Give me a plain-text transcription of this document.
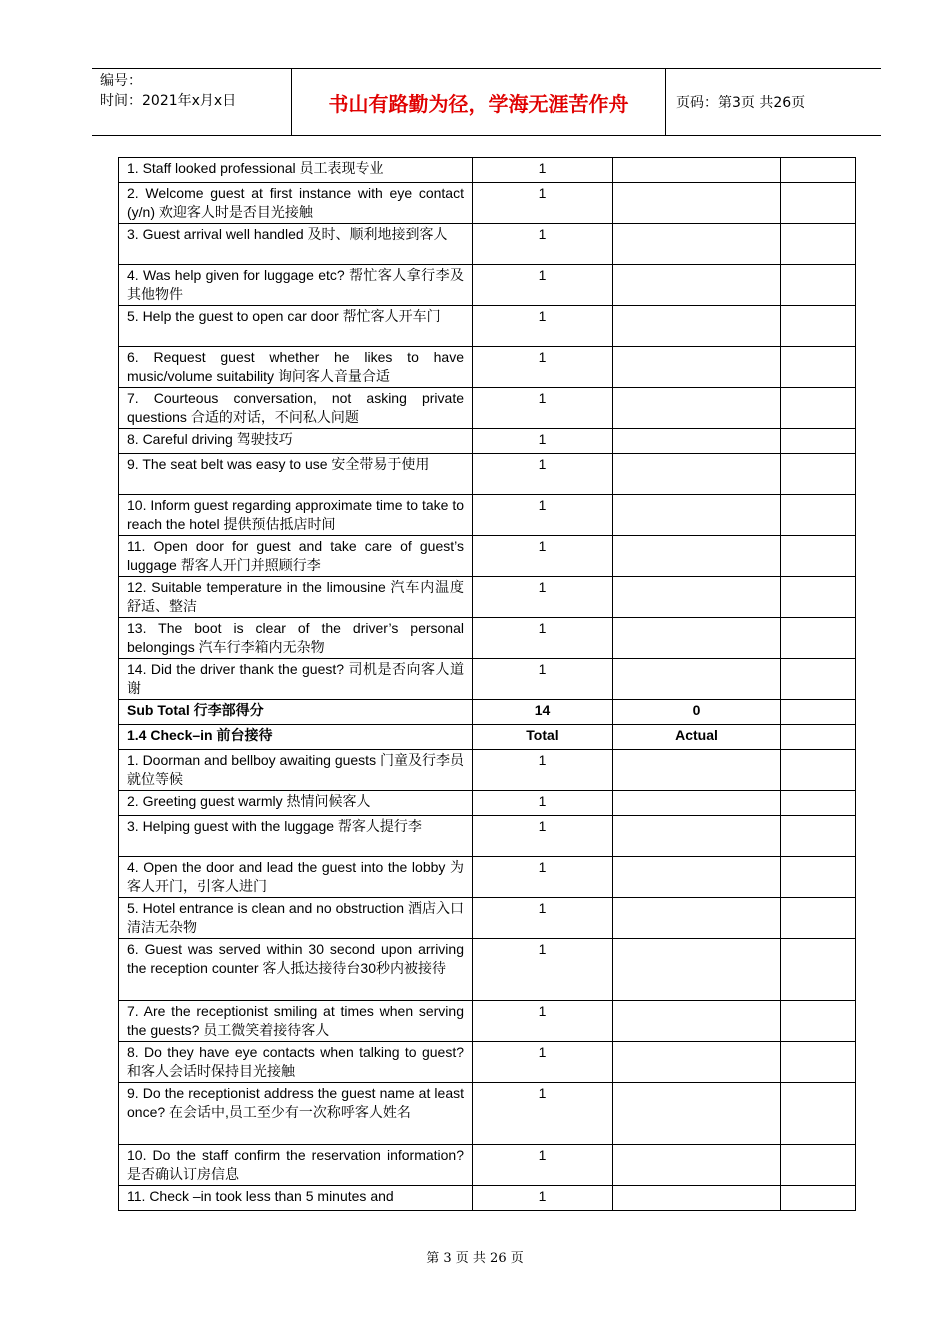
编号：
时间：2021年x月x日	书山有路勤为径，学海无涯苦作舟	页码：第3页 共26页
1. Staff looked professional 员工表现专业	1		
2. Welcome guest at first instance with eye contact (y/n) 欢迎客人时是否目光接触	1		
3. Guest arrival well handled 及时、顺利地接到客人	1		
4. Was help given for luggage etc? 帮忙客人拿行李及其他物件	1		
5. Help the guest to open car door 帮忙客人开车门	1		
6. Request guest whether he likes to have music/volume suitability 询问客人音量合适	1		
7. Courteous conversation, not asking private questions 合适的对话，不问私人问题	1		
8. Careful driving 驾驶技巧	1		
9. The seat belt was easy to use 安全带易于使用	1		
10. Inform guest regarding approximate time to take to reach the hotel 提供预估抵店时间	1		
11. Open door for guest and take care of guest’s luggage 帮客人开门并照顾行李	1		
12. Suitable temperature in the limousine 汽车内温度舒适、整洁	1		
13. The boot is clear of the driver’s personal belongings 汽车行李箱内无杂物	1		
14. Did the driver thank the guest? 司机是否向客人道谢	1		
Sub Total 行李部得分	14	0	
1.4 Check–in 前台接待	Total	Actual	
1. Doorman and bellboy awaiting guests 门童及行李员就位等候	1		
2. Greeting guest warmly 热情问候客人	1		
3. Helping guest with the luggage 帮客人提行李	1		
4. Open the door and lead the guest into the lobby 为客人开门，引客人进门	1		
5. Hotel entrance is clean and no obstruction 酒店入口清洁无杂物	1		
6. Guest was served within 30 second upon arriving the reception counter 客人抵达接待台30秒内被接待	1		
7. Are the receptionist smiling at times when serving the guests? 员工微笑着接待客人	1		
8. Do they have eye contacts when talking to guest? 和客人会话时保持目光接触	1		
9. Do the receptionist address the guest name at least once? 在会话中,员工至少有一次称呼客人姓名	1		
10. Do the staff confirm the reservation information? 是否确认订房信息	1		
11. Check –in took less than 5 minutes and	1		
第 3 页 共 26 页
